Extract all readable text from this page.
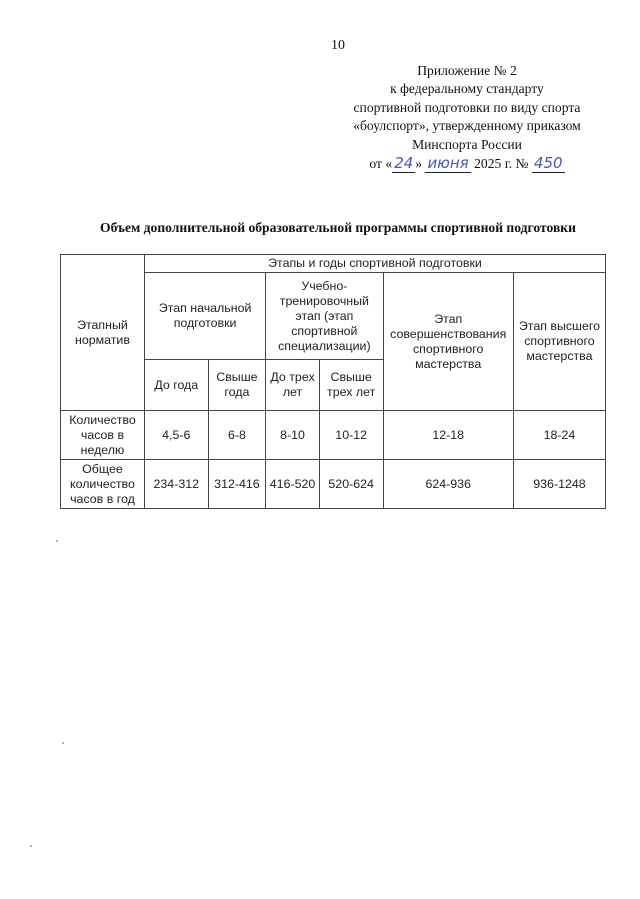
10
Приложение № 2
к федеральному стандарту
спортивной подготовки по виду спорта
«боулспорт», утвержденному приказом
Минспорта России
от « 24 » июня 2025 г. № 450
Объем дополнительной образовательной программы спортивной подготовки
Этапный норматив	Этапы и годы спортивной подготовки					
	Этап начальной подготовки		Учебно-тренировочный этап (этап спортивной специализации)		Этап совершенствования спортивного мастерства	Этап высшего спортивного мастерства
	До года	Свыше года	До трех лет	Свыше трех лет		
Количество часов в неделю	4,5-6	6-8	8-10	10-12	12-18	18-24
Общее количество часов в год	234-312	312-416	416-520	520-624	624-936	936-1248
